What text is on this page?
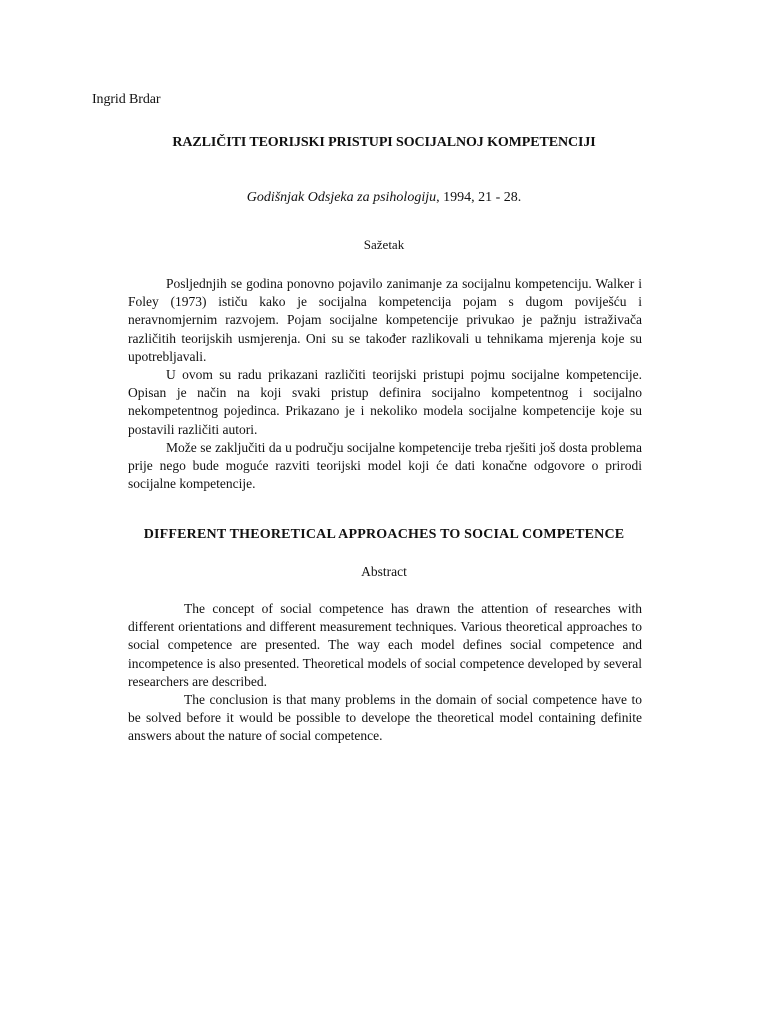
Ingrid Brdar
RAZLIČITI TEORIJSKI PRISTUPI SOCIJALNOJ KOMPETENCIJI
Godišnjak Odsjeka za psihologiju, 1994, 21 - 28.
Sažetak

Posljednjih se godina ponovno pojavilo zanimanje za socijalnu kompetenciju. Walker i Foley (1973) ističu kako je socijalna kompetencija pojam s dugom poviješću i neravnomjernim razvojem. Pojam socijalne kompetencije privukao je pažnju istraživača različitih teorijskih usmjerenja. Oni su se također razlikovali u tehnikama mjerenja koje su upotrebljavali.

U ovom su radu prikazani različiti teorijski pristupi pojmu socijalne kompetencije. Opisan je način na koji svaki pristup definira socijalno kompetentnog i socijalno nekompetentnog pojedinca. Prikazano je i nekoliko modela socijalne kompetencije koje su postavili različiti autori.

Može se zaključiti da u području socijalne kompetencije treba rješiti još dosta problema prije nego bude moguće razviti teorijski model koji će dati konačne odgovore o prirodi socijalne kompetencije.

DIFFERENT THEORETICAL APPROACHES TO SOCIAL COMPETENCE
Abstract

The concept of social competence has drawn the attention of researches with different orientations and different measurement techniques. Various theoretical approaches to social competence are presented. The way each model defines social competence and incompetence is also presented. Theoretical models of social competence developed by several researchers are described.

The conclusion is that many problems in the domain of social competence have to be solved before it would be possible to develope the theoretical model containing definite answers about the nature of social competence.
